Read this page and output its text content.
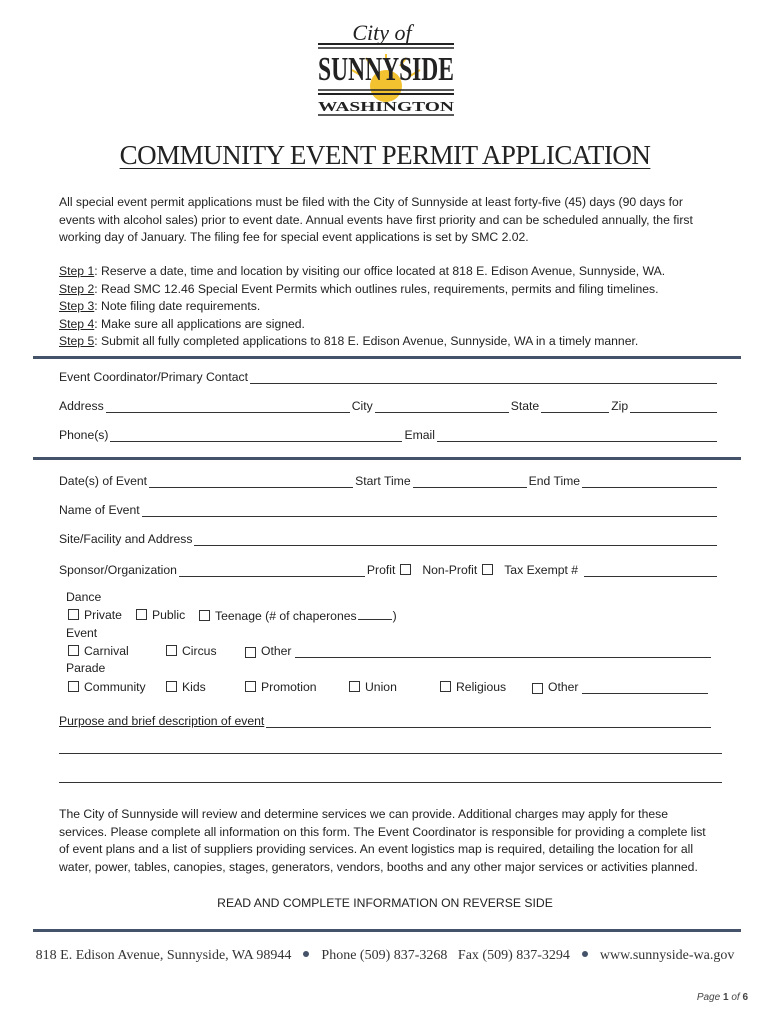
City of
SUNNYSIDE
WASHINGTON
COMMUNITY EVENT PERMIT APPLICATION
All special event permit applications must be filed with the City of Sunnyside at least forty-five (45) days (90 days for events with alcohol sales) prior to event date. Annual events have first priority and can be scheduled annually, the first working day of January. The filing fee for special event applications is set by SMC 2.02.
Step 1: Reserve a date, time and location by visiting our office located at 818 E. Edison Avenue, Sunnyside, WA.
Step 2: Read SMC 12.46 Special Event Permits which outlines rules, requirements, permits and filing timelines.
Step 3: Note filing date requirements.
Step 4: Make sure all applications are signed.
Step 5: Submit all fully completed applications to 818 E. Edison Avenue, Sunnyside, WA in a timely manner.
Event Coordinator/Primary Contact
Address	City	State	Zip
Phone(s)	Email
Date(s) of Event	Start Time	End Time
Name of Event
Site/Facility and Address
Sponsor/Organization	Profit Non-Profit Tax Exempt #
Dance
Private	Public	Teenage (# of chaperones	)
Event
Carnival	Circus	Other
Parade
Community	Kids	Promotion	Union	Religious	Other
Purpose and brief description of event
The City of Sunnyside will review and determine services we can provide. Additional charges may apply for these services. Please complete all information on this form. The Event Coordinator is responsible for providing a complete list of event plans and a list of suppliers providing services. An event logistics map is required, detailing the location for all water, power, tables, canopies, stages, generators, vendors, booths and any other major services or activities planned.
READ AND COMPLETE INFORMATION ON REVERSE SIDE
818 E. Edison Avenue, Sunnyside, WA 98944 Phone (509) 837-3268 Fax (509) 837-3294 www.sunnyside-wa.gov
Page 1 of 6
